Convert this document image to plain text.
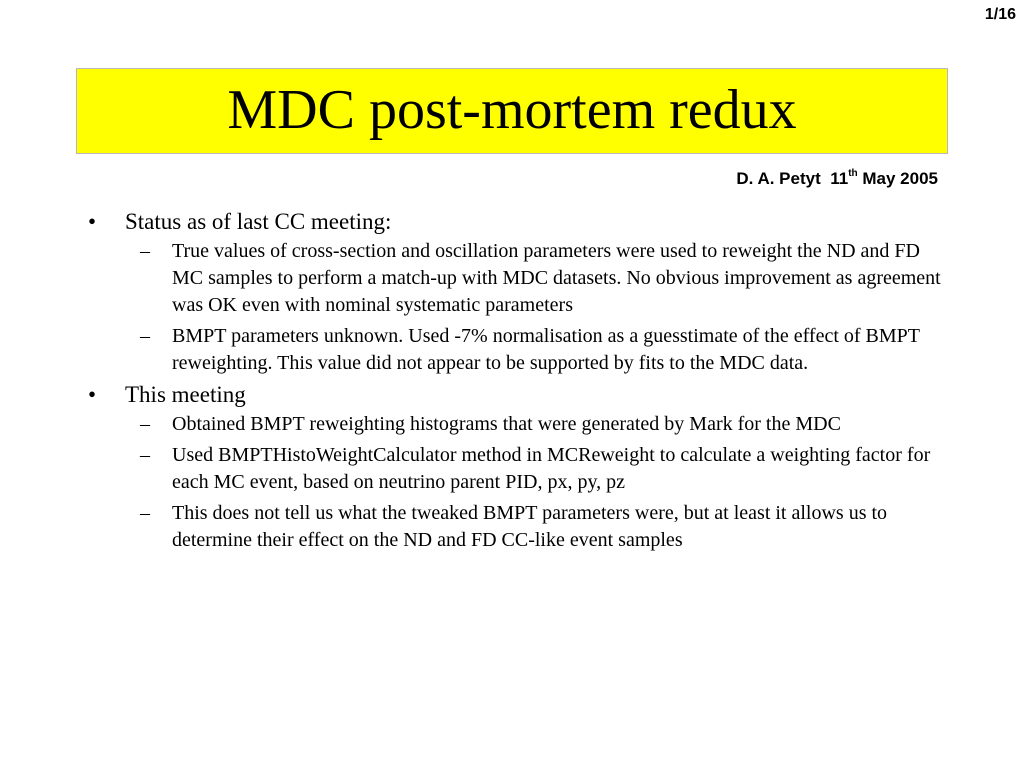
1/16
MDC post-mortem redux
D. A. Petyt 11th May 2005
• Status as of last CC meeting:
–	True values of cross-section and oscillation parameters were used to reweight the ND and FD MC samples to perform a match-up with MDC datasets. No obvious improvement as agreement was OK even with nominal systematic parameters
–	BMPT parameters unknown. Used -7% normalisation as a guesstimate of the effect of BMPT reweighting. This value did not appear to be supported by fits to the MDC data.
• This meeting
–	Obtained BMPT reweighting histograms that were generated by Mark for the MDC
–	Used BMPTHistoWeightCalculator method in MCReweight to calculate a weighting factor for each MC event, based on neutrino parent PID, px, py, pz
–	This does not tell us what the tweaked BMPT parameters were, but at least it allows us to determine their effect on the ND and FD CC-like event samples
